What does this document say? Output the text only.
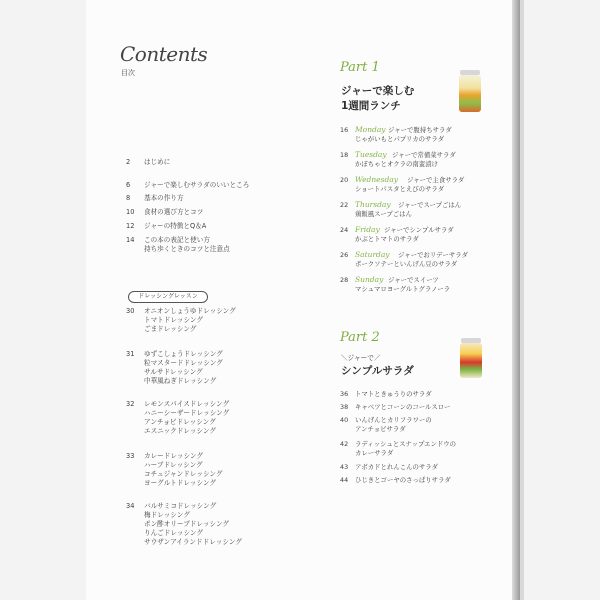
Contents
目次
2	はじめに
6	ジャーで楽しむサラダのいいところ
8	基本の作り方
10	食材の選び方とコツ
12	ジャーの特徴とQ＆A
14	この本の表記と使い方
持ち歩くときのコツと注意点
ドレッシングレッスン
30	オニオンしょうゆドレッシング
トマトドレッシング
ごまドレッシング
31	ゆずこしょうドレッシング
粒マスタードドレッシング
サルサドレッシング
中華風ねぎドレッシング
32	レモンスパイスドレッシング
ハニーシーザードレッシング
アンチョビドレッシング
エスニックドレッシング
33	カレードレッシング
ハーブドレッシング
コチュジャンドレッシング
ヨーグルトドレッシング
34	バルサミコドレッシング
梅ドレッシング
ポン酢オリーブドレッシング
りんごドレッシング
サウザンアイランドドレッシング
Part 1
ジャーで楽しむ
1週間ランチ
16 Monday ジャーで腹持ちサラダ
じゃがいもとパプリカのサラダ
18 Tuesday ジャーで常備菜サラダ
かぼちゃとオクラの南蛮漬け
20 Wednesday ジャーで主食サラダ
ショートパスタとえびのサラダ
22 Thursday ジャーでスープごはん
鶏飯風スープごはん
24 Friday ジャーでシンプルサラダ
かぶとトマトのサラダ
26 Saturday ジャーでおリデーサラダ
ポークソテーといんげん豆のサラダ
28 Sunday ジャーでスイーツ
マシュマロヨーグルトグラノーラ
Part 2
＼ジャーで／
シンプルサラダ
36	トマトときゅうりのサラダ
38	キャベツとコーンのコールスロー
40	いんげんとカリフラワーの
アンチョビサラダ
42	ラディッシュとスナップエンドウの
カレーサラダ
43	アボカドとれんこんのサラダ
44	ひじきとゴーヤのさっぱりサラダ
